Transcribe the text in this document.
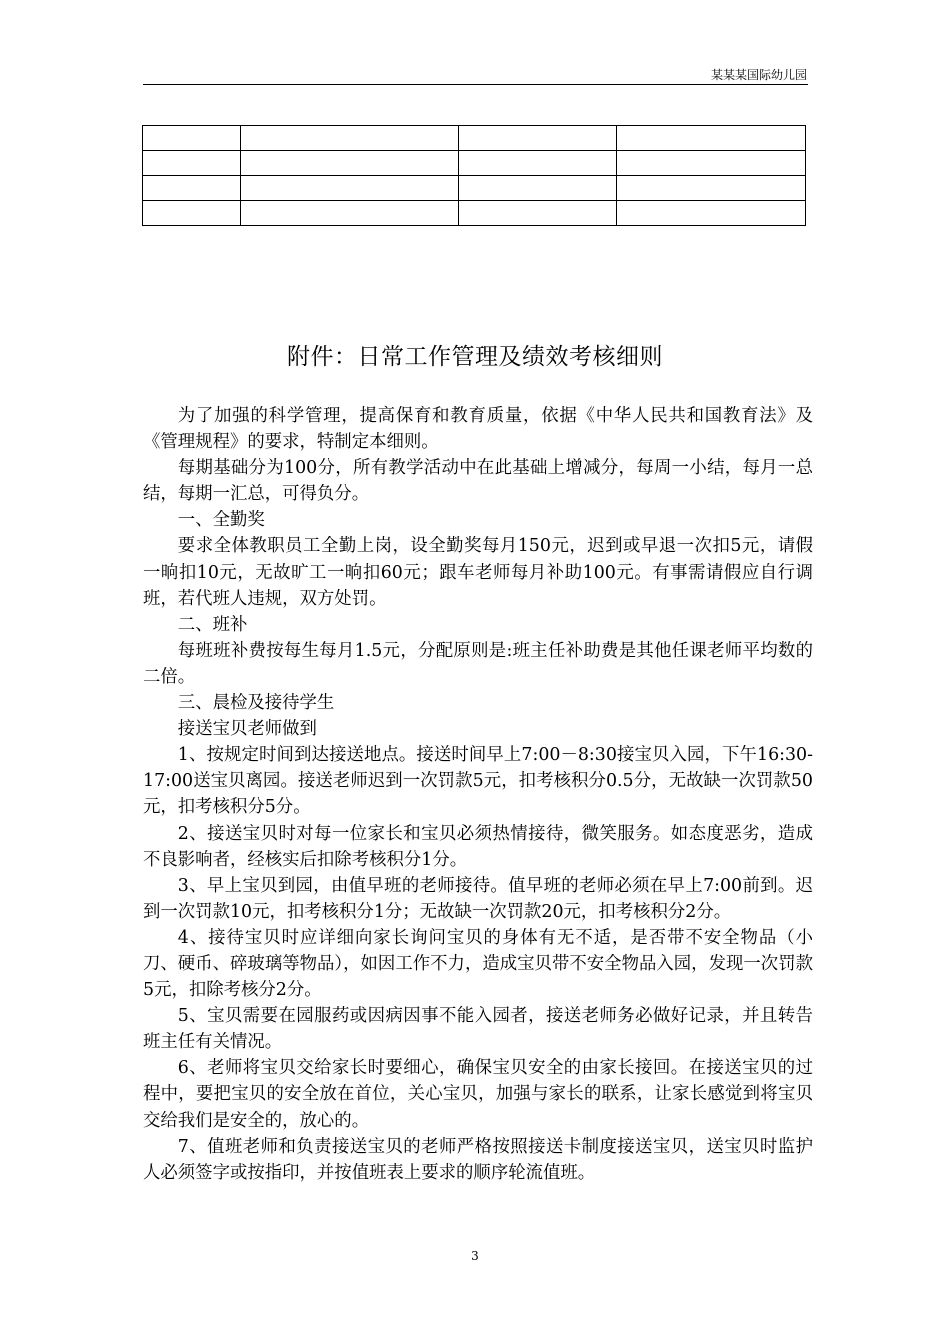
某某某国际幼儿园

附件：日常工作管理及绩效考核细则

为了加强的科学管理，提高保育和教育质量，依据《中华人民共和国教育法》及《管理规程》的要求，特制定本细则。

每期基础分为100分，所有教学活动中在此基础上增减分，每周一小结，每月一总结，每期一汇总，可得负分。

一、全勤奖

要求全体教职员工全勤上岗，设全勤奖每月150元，迟到或早退一次扣5元，请假一晌扣10元，无故旷工一晌扣60元；跟车老师每月补助100元。有事需请假应自行调班，若代班人违规，双方处罚。

二、班补

每班班补费按每生每月1.5元，分配原则是:班主任补助费是其他任课老师平均数的二倍。

三、晨检及接待学生

接送宝贝老师做到

1、按规定时间到达接送地点。接送时间早上7:00－8:30接宝贝入园，下午16:30-17:00送宝贝离园。接送老师迟到一次罚款5元，扣考核积分0.5分，无故缺一次罚款50元，扣考核积分5分。

2、接送宝贝时对每一位家长和宝贝必须热情接待，微笑服务。如态度恶劣，造成不良影响者，经核实后扣除考核积分1分。

3、早上宝贝到园，由值早班的老师接待。值早班的老师必须在早上7:00前到。迟到一次罚款10元，扣考核积分1分；无故缺一次罚款20元，扣考核积分2分。

4、接待宝贝时应详细向家长询问宝贝的身体有无不适，是否带不安全物品（小刀、硬币、碎玻璃等物品），如因工作不力，造成宝贝带不安全物品入园，发现一次罚款5元，扣除考核分2分。

5、宝贝需要在园服药或因病因事不能入园者，接送老师务必做好记录，并且转告班主任有关情况。

6、老师将宝贝交给家长时要细心，确保宝贝安全的由家长接回。在接送宝贝的过程中，要把宝贝的安全放在首位，关心宝贝，加强与家长的联系，让家长感觉到将宝贝交给我们是安全的，放心的。

7、值班老师和负责接送宝贝的老师严格按照接送卡制度接送宝贝，送宝贝时监护人必须签字或按指印，并按值班表上要求的顺序轮流值班。

3
